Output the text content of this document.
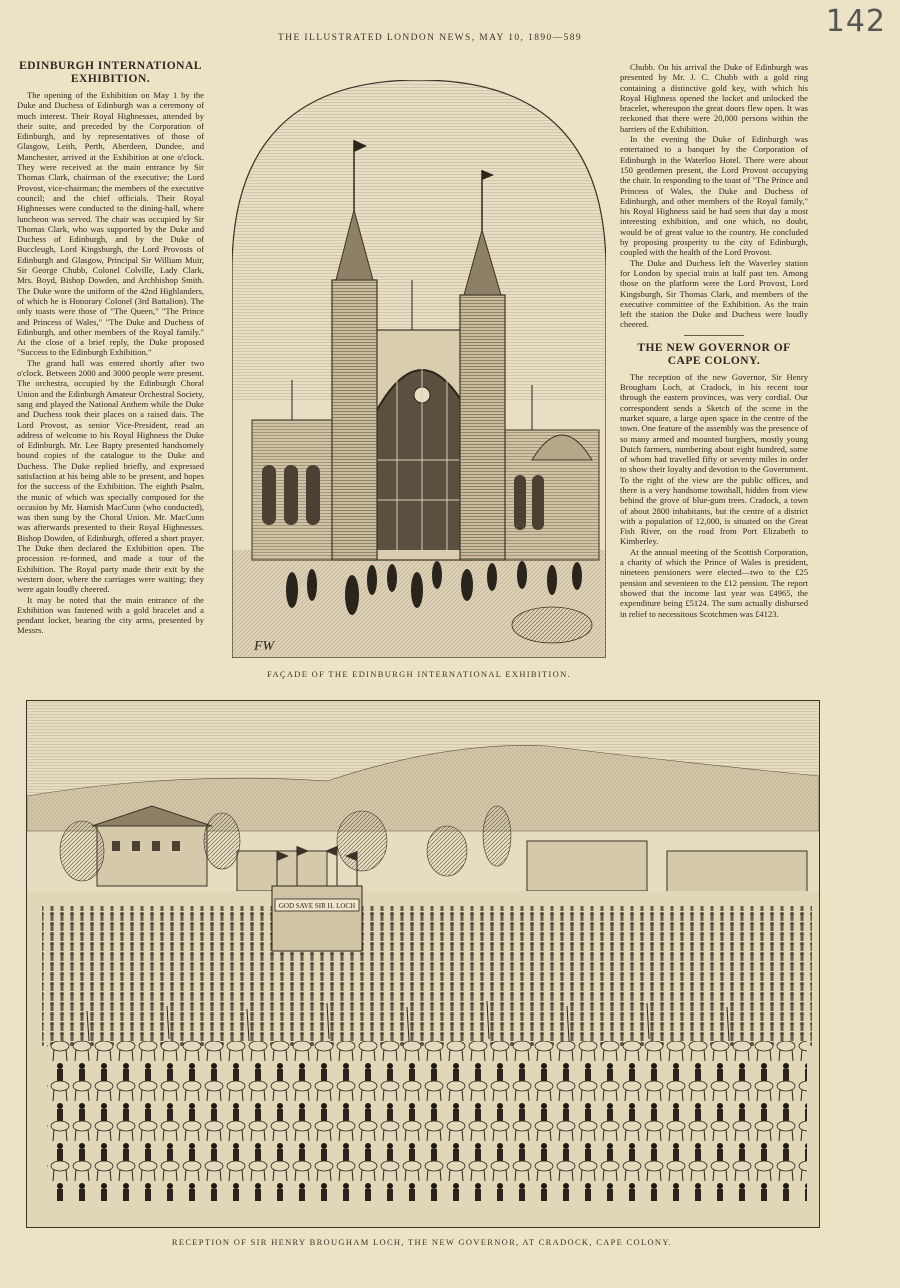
142
THE ILLUSTRATED LONDON NEWS, MAY 10, 1890—589
EDINBURGH INTERNATIONAL EXHIBITION.

The opening of the Exhibition on May 1 by the Duke and Duchess of Edinburgh was a ceremony of much interest. Their Royal Highnesses, attended by their suite, and preceded by the Corporation of Edinburgh, and by representatives of those of Glasgow, Leith, Perth, Aberdeen, Dundee, and Manchester, arrived at the Exhibition at one o'clock. They were received at the main entrance by Sir Thomas Clark, chairman of the executive; the Lord Provost, vice-chairman; the members of the executive council; and the chief officials. Their Royal Highnesses were conducted to the dining-hall, where luncheon was served. The chair was occupied by Sir Thomas Clark, who was supported by the Duke and Duchess of Edinburgh, and by the Duke of Buccleugh, Lord Kingsburgh, the Lord Provosts of Edinburgh and Glasgow, Principal Sir William Muir, Sir George Chubb, Colonel Colville, Lady Clark, Mrs. Boyd, Bishop Dowden, and Archbishop Smith. The Duke wore the uniform of the 42nd Highlanders, of which he is Honorary Colonel (3rd Battalion). The only toasts were those of "The Queen," "The Prince and Princess of Wales," "The Duke and Duchess of Edinburgh, and other members of the Royal family." At the close of a brief reply, the Duke proposed "Success to the Edinburgh Exhibition."

The grand hall was entered shortly after two o'clock. Between 2000 and 3000 people were present. The orchestra, occupied by the Edinburgh Choral Union and the Edinburgh Amateur Orchestral Society, sang and played the National Anthem while the Duke and Duchess took their places on a raised dais. The Lord Provost, as senior Vice-President, read an address of welcome to his Royal Highness the Duke of Edinburgh. Mr. Lee Bapty presented handsomely bound copies of the catalogue to the Duke and Duchess. The Duke replied briefly, and expressed satisfaction at his being able to be present, and hopes for the success of the Exhibition. The eighth Psalm, the music of which was specially composed for the occasion by Mr. Hamish MacCunn (who conducted), was then sung by the Choral Union. Mr. MacCunn was afterwards presented to their Royal Highnesses. Bishop Dowden, of Edinburgh, offered a short prayer. The Duke then declared the Exhibition open. The procession re-formed, and made a tour of the Exhibition. The Royal party made their exit by the western door, where the carriages were waiting; they were again loudly cheered.

It may be noted that the main entrance of the Exhibition was fastened with a gold bracelet and a pendant locket, bearing the city arms, presented by Messrs.

Chubb. On his arrival the Duke of Edinburgh was presented by Mr. J. C. Chubb with a gold ring containing a distinctive gold key, with which his Royal Highness opened the locket and unlocked the bracelet, whereupon the great doors flew open. It was reckoned that there were 20,000 persons within the barriers of the Exhibition.

In the evening the Duke of Edinburgh was entertained to a banquet by the Corporation of Edinburgh in the Waterloo Hotel. There were about 150 gentlemen present, the Lord Provost occupying the chair. In responding to the toast of "The Prince and Princess of Wales, the Duke and Duchess of Edinburgh, and other members of the Royal family," his Royal Highness said he had seen that day a most interesting exhibition, and one which, no doubt, would be of great value to the country. He concluded by proposing prosperity to the city of Edinburgh, coupled with the health of the Lord Provost.

The Duke and Duchess left the Waverley station for London by special train at half past ten. Among those on the platform were the Lord Provost, Lord Kingsburgh, Sir Thomas Clark, and members of the executive committee of the Exhibition. As the train left the station the Duke and Duchess were loudly cheered.

THE NEW GOVERNOR OF CAPE COLONY.

The reception of the new Governor, Sir Henry Brougham Loch, at Cradock, in his recent tour through the eastern provinces, was very cordial. Our correspondent sends a Sketch of the scene in the market square, a large open space in the centre of the town. One feature of the assembly was the presence of so many armed and mounted burghers, mostly young Dutch farmers, numbering about eight hundred, some of whom had travelled fifty or seventy miles in order to show their loyalty and devotion to the Government. To the right of the view are the public offices, and there is a very handsome townhall, hidden from view behind the grove of blue-gum trees. Cradock, a town of about 2800 inhabitants, but the centre of a district with a population of 12,000, is situated on the Great Fish River, on the road from Port Elizabeth to Kimberley.

At the annual meeting of the Scottish Corporation, a charity of which the Prince of Wales is president, nineteen pensioners were elected—two to the £25 pension and seventeen to the £12 pension. The report showed that the income last year was £4965, the expenditure being £5124. The sum actually disbursed in relief to necessitous Scotchmen was £4123.

FW
FAÇADE OF THE EDINBURGH INTERNATIONAL EXHIBITION.
GOD SAVE SIR H. LOCH
RECEPTION OF SIR HENRY BROUGHAM LOCH, THE NEW GOVERNOR, AT CRADOCK, CAPE COLONY.
